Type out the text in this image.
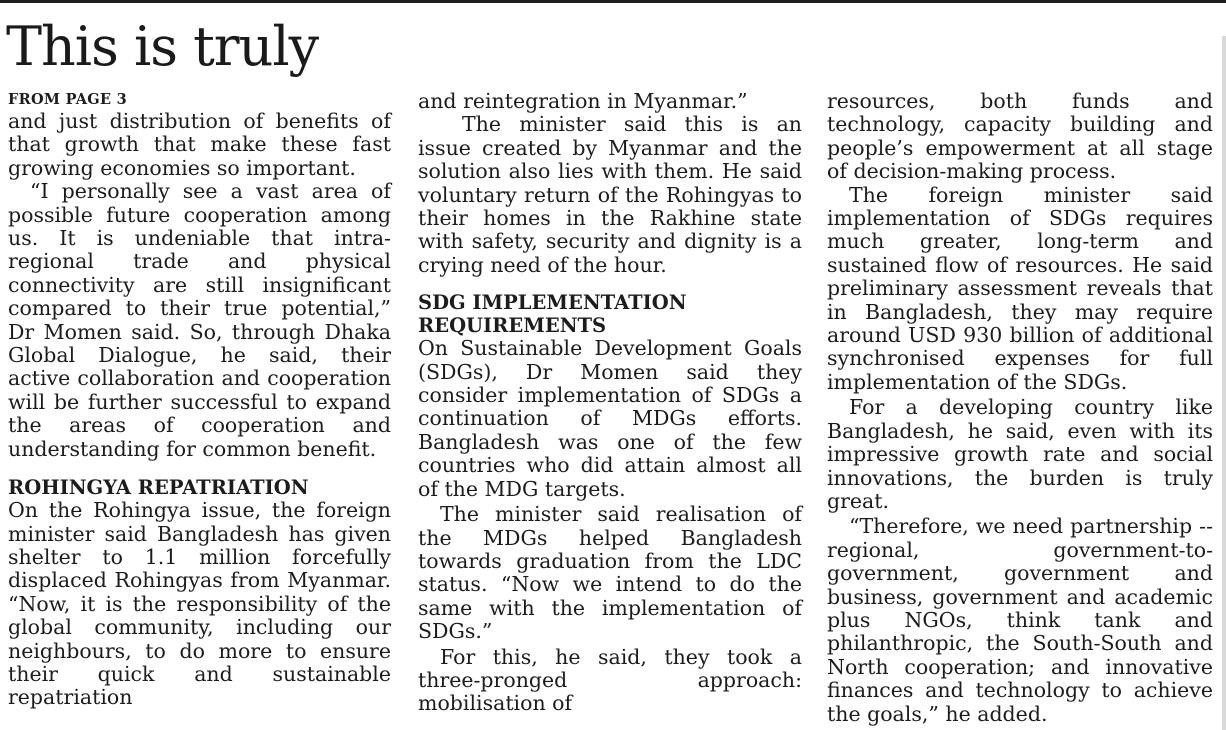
This is truly

FROM PAGE 3

and just distribution of benefits of that growth that make these fast growing economies so important.

“I personally see a vast area of possible future cooperation among us. It is undeniable that intra-regional trade and physical connectivity are still insignificant compared to their true potential,” Dr Momen said. So, through Dhaka Global Dialogue, he said, their active collaboration and cooperation will be further successful to expand the areas of cooperation and understanding for common benefit.

ROHINGYA REPATRIATION

On the Rohingya issue, the foreign minister said Bangladesh has given shelter to 1.1 million forcefully displaced Rohingyas from Myanmar. “Now, it is the responsibility of the global community, including our neighbours, to do more to ensure their quick and sustainable repatriation

and reintegration in Myanmar.”

The minister said this is an issue created by Myanmar and the solution also lies with them. He said voluntary return of the Rohingyas to their homes in the Rakhine state with safety, security and dignity is a crying need of the hour.

SDG IMPLEMENTATION REQUIREMENTS

On Sustainable Development Goals (SDGs), Dr Momen said they consider implementation of SDGs a continuation of MDGs efforts. Bangladesh was one of the few countries who did attain almost all of the MDG targets.

The minister said realisation of the MDGs helped Bangladesh towards graduation from the LDC status. “Now we intend to do the same with the implementation of SDGs.”

For this, he said, they took a three-pronged approach: mobilisation of

resources, both funds and technology, capacity building and people’s empowerment at all stage of decision-making process.

The foreign minister said implementation of SDGs requires much greater, long-term and sustained flow of resources. He said preliminary assessment reveals that in Bangladesh, they may require around USD 930 billion of additional synchronised expenses for full implementation of the SDGs.

For a developing country like Bangladesh, he said, even with its impressive growth rate and social innovations, the burden is truly great.

“Therefore, we need partnership -- regional, government-to-government, government and business, government and academic plus NGOs, think tank and philanthropic, the South-South and North cooperation; and innovative finances and technology to achieve the goals,” he added.
